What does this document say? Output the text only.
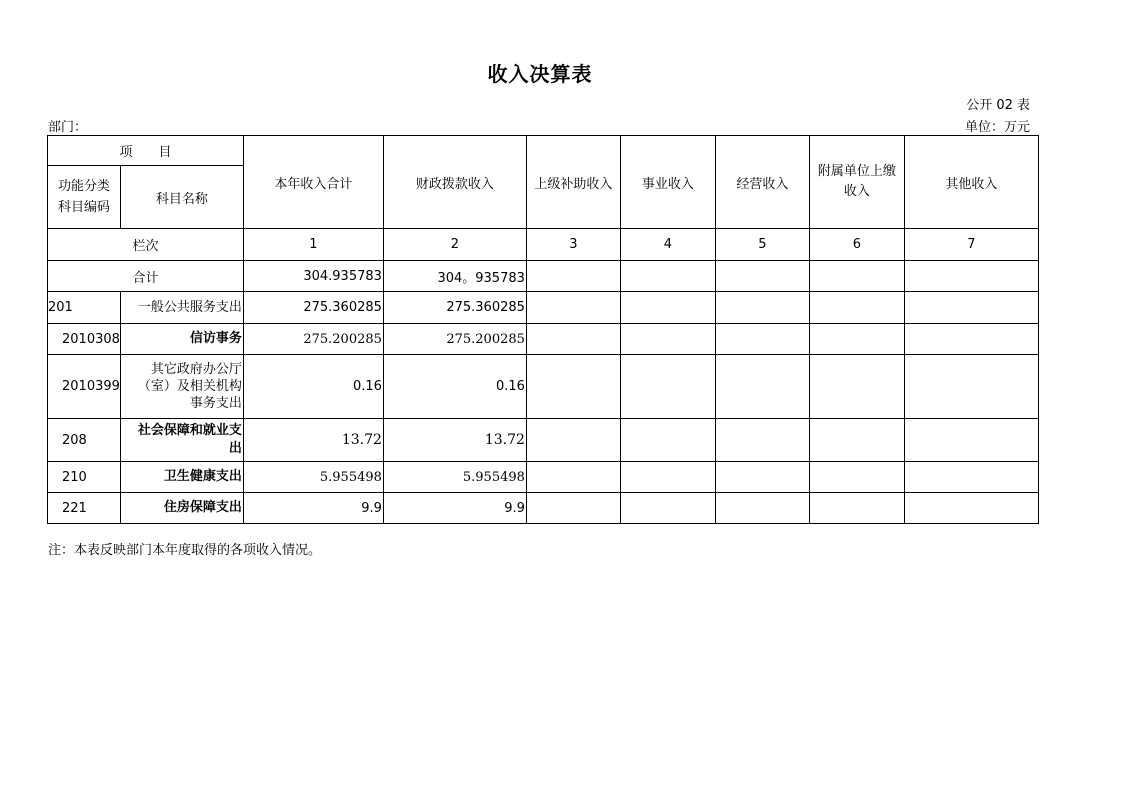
收入决算表
公开 02 表
部门：	单位：万元
项　　目		本年收入合计	财政拨款收入	上级补助收入	事业收入	经营收入	附属单位上缴收入	其他收入
功能分类科目编码	科目名称							
栏次		1	2	3	4	5	6	7
合计		304.935783	304。935783					
201	一般公共服务支出	275.360285	275.360285					
2010308	信访事务	275.200285	275.200285					
2010399	其它政府办公厅（室）及相关机构事务支出	0.16	0.16					
208	社会保障和就业支出	13.72	13.72					
210	卫生健康支出	5.955498	5.955498					
221	住房保障支出	9.9	9.9					
注：本表反映部门本年度取得的各项收入情况。
